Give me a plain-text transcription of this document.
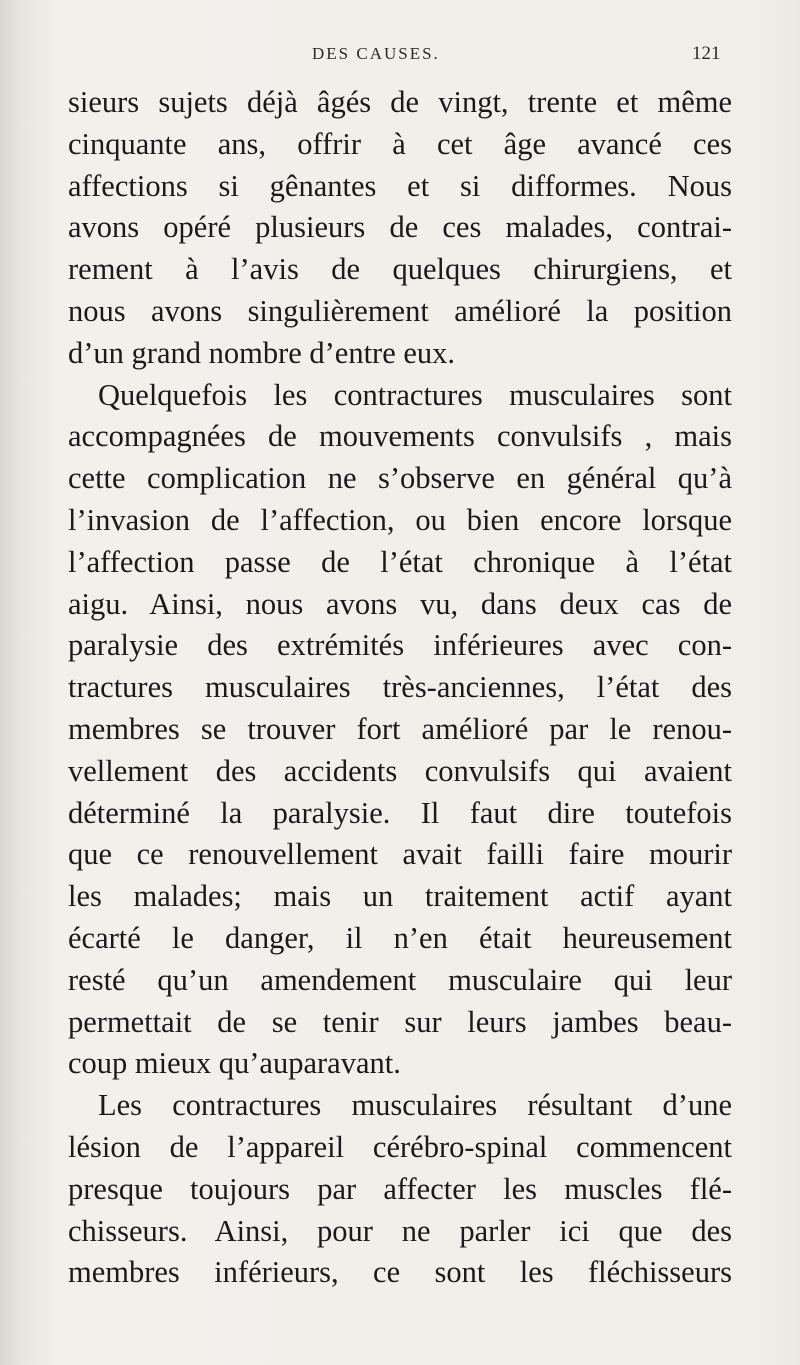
DES CAUSES.	121
sieurs sujets déjà âgés de vingt, trente et même
cinquante ans, offrir à cet âge avancé ces
affections si gênantes et si difformes. Nous
avons opéré plusieurs de ces malades, contrai-
rement à l’avis de quelques chirurgiens, et
nous avons singulièrement amélioré la position
d’un grand nombre d’entre eux.
Quelquefois les contractures musculaires sont
accompagnées de mouvements convulsifs , mais
cette complication ne s’observe en général qu’à
l’invasion de l’affection, ou bien encore lorsque
l’affection passe de l’état chronique à l’état
aigu. Ainsi, nous avons vu, dans deux cas de
paralysie des extrémités inférieures avec con-
tractures musculaires très-anciennes, l’état des
membres se trouver fort amélioré par le renou-
vellement des accidents convulsifs qui avaient
déterminé la paralysie. Il faut dire toutefois
que ce renouvellement avait failli faire mourir
les malades; mais un traitement actif ayant
écarté le danger, il n’en était heureusement
resté qu’un amendement musculaire qui leur
permettait de se tenir sur leurs jambes beau-
coup mieux qu’auparavant.
Les contractures musculaires résultant d’une
lésion de l’appareil cérébro-spinal commencent
presque toujours par affecter les muscles flé-
chisseurs. Ainsi, pour ne parler ici que des
membres inférieurs, ce sont les fléchisseurs
